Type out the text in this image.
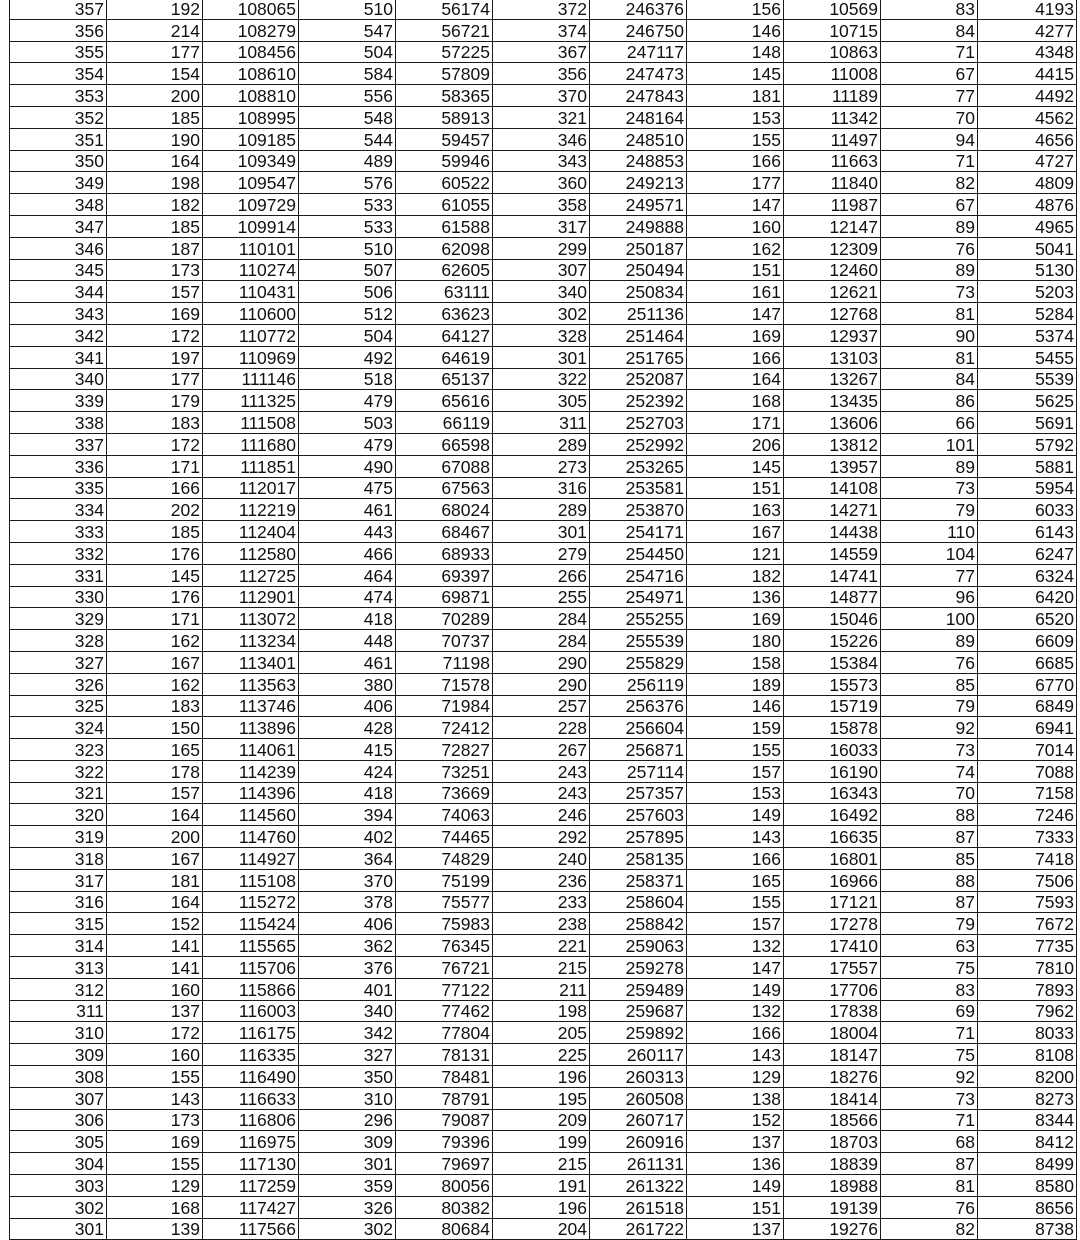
357	192	108065	510	56174	372	246376	156	10569	83	4193
356	214	108279	547	56721	374	246750	146	10715	84	4277
355	177	108456	504	57225	367	247117	148	10863	71	4348
354	154	108610	584	57809	356	247473	145	11008	67	4415
353	200	108810	556	58365	370	247843	181	11189	77	4492
352	185	108995	548	58913	321	248164	153	11342	70	4562
351	190	109185	544	59457	346	248510	155	11497	94	4656
350	164	109349	489	59946	343	248853	166	11663	71	4727
349	198	109547	576	60522	360	249213	177	11840	82	4809
348	182	109729	533	61055	358	249571	147	11987	67	4876
347	185	109914	533	61588	317	249888	160	12147	89	4965
346	187	110101	510	62098	299	250187	162	12309	76	5041
345	173	110274	507	62605	307	250494	151	12460	89	5130
344	157	110431	506	63111	340	250834	161	12621	73	5203
343	169	110600	512	63623	302	251136	147	12768	81	5284
342	172	110772	504	64127	328	251464	169	12937	90	5374
341	197	110969	492	64619	301	251765	166	13103	81	5455
340	177	111146	518	65137	322	252087	164	13267	84	5539
339	179	111325	479	65616	305	252392	168	13435	86	5625
338	183	111508	503	66119	311	252703	171	13606	66	5691
337	172	111680	479	66598	289	252992	206	13812	101	5792
336	171	111851	490	67088	273	253265	145	13957	89	5881
335	166	112017	475	67563	316	253581	151	14108	73	5954
334	202	112219	461	68024	289	253870	163	14271	79	6033
333	185	112404	443	68467	301	254171	167	14438	110	6143
332	176	112580	466	68933	279	254450	121	14559	104	6247
331	145	112725	464	69397	266	254716	182	14741	77	6324
330	176	112901	474	69871	255	254971	136	14877	96	6420
329	171	113072	418	70289	284	255255	169	15046	100	6520
328	162	113234	448	70737	284	255539	180	15226	89	6609
327	167	113401	461	71198	290	255829	158	15384	76	6685
326	162	113563	380	71578	290	256119	189	15573	85	6770
325	183	113746	406	71984	257	256376	146	15719	79	6849
324	150	113896	428	72412	228	256604	159	15878	92	6941
323	165	114061	415	72827	267	256871	155	16033	73	7014
322	178	114239	424	73251	243	257114	157	16190	74	7088
321	157	114396	418	73669	243	257357	153	16343	70	7158
320	164	114560	394	74063	246	257603	149	16492	88	7246
319	200	114760	402	74465	292	257895	143	16635	87	7333
318	167	114927	364	74829	240	258135	166	16801	85	7418
317	181	115108	370	75199	236	258371	165	16966	88	7506
316	164	115272	378	75577	233	258604	155	17121	87	7593
315	152	115424	406	75983	238	258842	157	17278	79	7672
314	141	115565	362	76345	221	259063	132	17410	63	7735
313	141	115706	376	76721	215	259278	147	17557	75	7810
312	160	115866	401	77122	211	259489	149	17706	83	7893
311	137	116003	340	77462	198	259687	132	17838	69	7962
310	172	116175	342	77804	205	259892	166	18004	71	8033
309	160	116335	327	78131	225	260117	143	18147	75	8108
308	155	116490	350	78481	196	260313	129	18276	92	8200
307	143	116633	310	78791	195	260508	138	18414	73	8273
306	173	116806	296	79087	209	260717	152	18566	71	8344
305	169	116975	309	79396	199	260916	137	18703	68	8412
304	155	117130	301	79697	215	261131	136	18839	87	8499
303	129	117259	359	80056	191	261322	149	18988	81	8580
302	168	117427	326	80382	196	261518	151	19139	76	8656
301	139	117566	302	80684	204	261722	137	19276	82	8738
